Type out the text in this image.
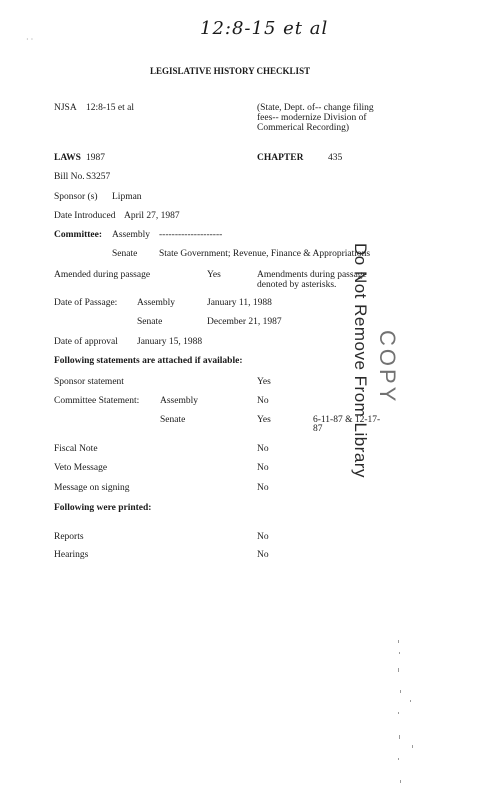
12:8-15 et al
· ·
LEGISLATIVE HISTORY CHECKLIST
NJSA 12:8-15 et al	(State, Dept. of-- change filing
fees-- modernize Division of
Commerical Recording)
LAWS 1987	CHAPTER	435
Bill No. S3257
Sponsor (s) Lipman
Date Introduced April 27, 1987
Committee: Assembly --------------------
Senate State Government; Revenue, Finance & Appropriations
Amended during passage	Yes	Amendments during passage
denoted by asterisks.
Date of Passage: Assembly	January 11, 1988
Senate	December 21, 1987
Date of approval January 15, 1988
Following statements are attached if available:
Sponsor statement	Yes
Committee Statement: Assembly	No
Senate	Yes	6-11-87 & 12-17-
87
Fiscal Note	No
Veto Message	No
Message on signing	No
Following were printed:
Reports	No
Hearings	No
Do Not Remove From Library COPY
